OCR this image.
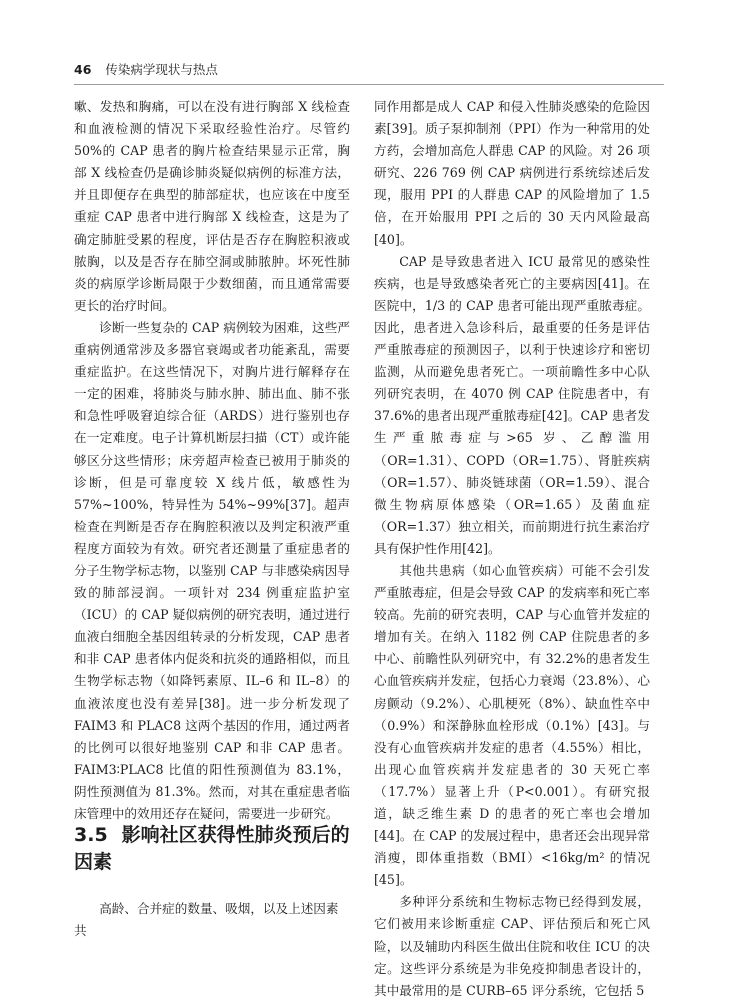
46 传染病学现状与热点

嗽、发热和胸痛，可以在没有进行胸部 X 线检查和血液检测的情况下采取经验性治疗。尽管约 50%的 CAP 患者的胸片检查结果显示正常，胸部 X 线检查仍是确诊肺炎疑似病例的标准方法，并且即便存在典型的肺部症状，也应该在中度至重症 CAP 患者中进行胸部 X 线检查，这是为了确定肺脏受累的程度，评估是否存在胸腔积液或脓胸，以及是否存在肺空洞或肺脓肿。坏死性肺炎的病原学诊断局限于少数细菌，而且通常需要更长的治疗时间。

诊断一些复杂的 CAP 病例较为困难，这些严重病例通常涉及多器官衰竭或者功能紊乱，需要重症监护。在这些情况下，对胸片进行解释存在一定的困难，将肺炎与肺水肿、肺出血、肺不张和急性呼吸窘迫综合征（ARDS）进行鉴别也存在一定难度。电子计算机断层扫描（CT）或许能够区分这些情形；床旁超声检查已被用于肺炎的诊断，但是可靠度较 X 线片低，敏感性为 57%~100%，特异性为 54%~99%[37]。超声检查在判断是否存在胸腔积液以及判定积液严重程度方面较为有效。研究者还测量了重症患者的分子生物学标志物，以鉴别 CAP 与非感染病因导致的肺部浸润。一项针对 234 例重症监护室（ICU）的 CAP 疑似病例的研究表明，通过进行血液白细胞全基因组转录的分析发现，CAP 患者和非 CAP 患者体内促炎和抗炎的通路相似，而且生物学标志物（如降钙素原、IL–6 和 IL–8）的血液浓度也没有差异[38]。进一步分析发现了 FAIM3 和 PLAC8 这两个基因的作用，通过两者的比例可以很好地鉴别 CAP 和非 CAP 患者。FAIM3∶PLAC8 比值的阳性预测值为 83.1%，阴性预测值为 81.3%。然而，对其在重症患者临床管理中的效用还存在疑问，需要进一步研究。

3.5 影响社区获得性肺炎预后的因素

高龄、合并症的数量、吸烟，以及上述因素共

同作用都是成人 CAP 和侵入性肺炎感染的危险因素[39]。质子泵抑制剂（PPI）作为一种常用的处方药，会增加高危人群患 CAP 的风险。对 26 项研究、226 769 例 CAP 病例进行系统综述后发现，服用 PPI 的人群患 CAP 的风险增加了 1.5 倍，在开始服用 PPI 之后的 30 天内风险最高[40]。

CAP 是导致患者进入 ICU 最常见的感染性疾病，也是导致感染者死亡的主要病因[41]。在医院中，1/3 的 CAP 患者可能出现严重脓毒症。因此，患者进入急诊科后，最重要的任务是评估严重脓毒症的预测因子，以利于快速诊疗和密切监测，从而避免患者死亡。一项前瞻性多中心队列研究表明，在 4070 例 CAP 住院患者中，有 37.6%的患者出现严重脓毒症[42]。CAP 患者发生严重脓毒症与>65 岁、乙醇滥用（OR=1.31）、COPD（OR=1.75）、肾脏疾病（OR=1.57）、肺炎链球菌（OR=1.59）、混合微生物病原体感染（OR=1.65）及菌血症（OR=1.37）独立相关，而前期进行抗生素治疗具有保护性作用[42]。

其他共患病（如心血管疾病）可能不会引发严重脓毒症，但是会导致 CAP 的发病率和死亡率较高。先前的研究表明，CAP 与心血管并发症的增加有关。在纳入 1182 例 CAP 住院患者的多中心、前瞻性队列研究中，有 32.2%的患者发生心血管疾病并发症，包括心力衰竭（23.8%）、心房颤动（9.2%）、心肌梗死（8%）、缺血性卒中（0.9%）和深静脉血栓形成（0.1%）[43]。与没有心血管疾病并发症的患者（4.55%）相比，出现心血管疾病并发症患者的 30 天死亡率（17.7%）显著上升（P<0.001）。有研究报道，缺乏维生素 D 的患者的死亡率也会增加[44]。在 CAP 的发展过程中，患者还会出现异常消瘦，即体重指数（BMI）<16kg/m² 的情况[45]。

多种评分系统和生物标志物已经得到发展，它们被用来诊断重症 CAP、评估预后和死亡风险，以及辅助内科医生做出住院和收住 ICU 的决定。这些评分系统是为非免疫抑制患者设计的，其中最常用的是 CURB–65 评分系统，它包括 5
